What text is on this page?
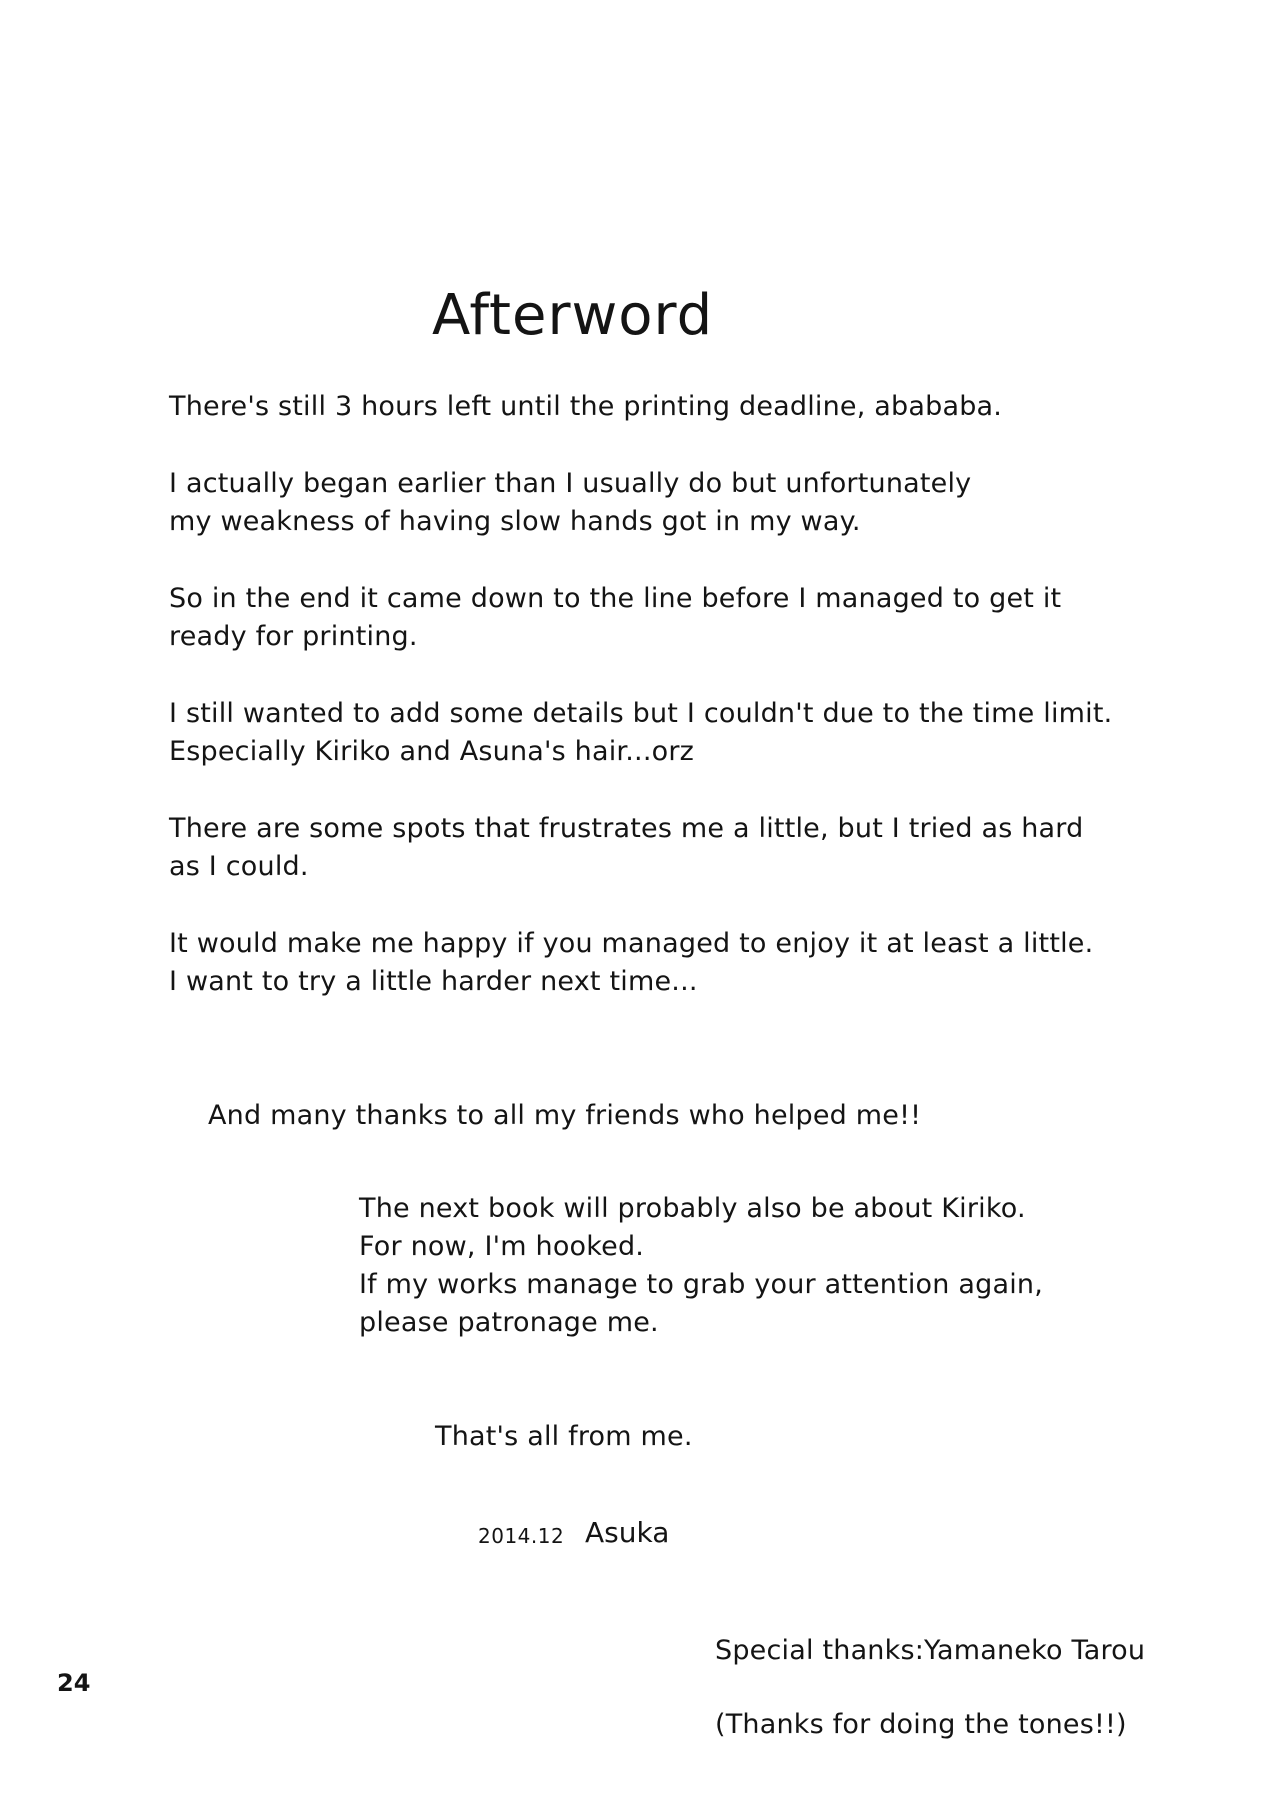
Afterword
There's still 3 hours left until the printing deadline, abababa.
I actually began earlier than I usually do but unfortunately
my weakness of having slow hands got in my way.
So in the end it came down to the line before I managed to get it
ready for printing.
I still wanted to add some details but I couldn't due to the time limit.
Especially Kiriko and Asuna's hair...orz
There are some spots that frustrates me a little, but I tried as hard
as I could.
It would make me happy if you managed to enjoy it at least a little.
I want to try a little harder next time...
And many thanks to all my friends who helped me!!
The next book will probably also be about Kiriko.
For now, I'm hooked.
If my works manage to grab your attention again,
please patronage me.
That's all from me.
2014.12 Asuka
Special thanks:Yamaneko Tarou
(Thanks for doing the tones!!)
24
